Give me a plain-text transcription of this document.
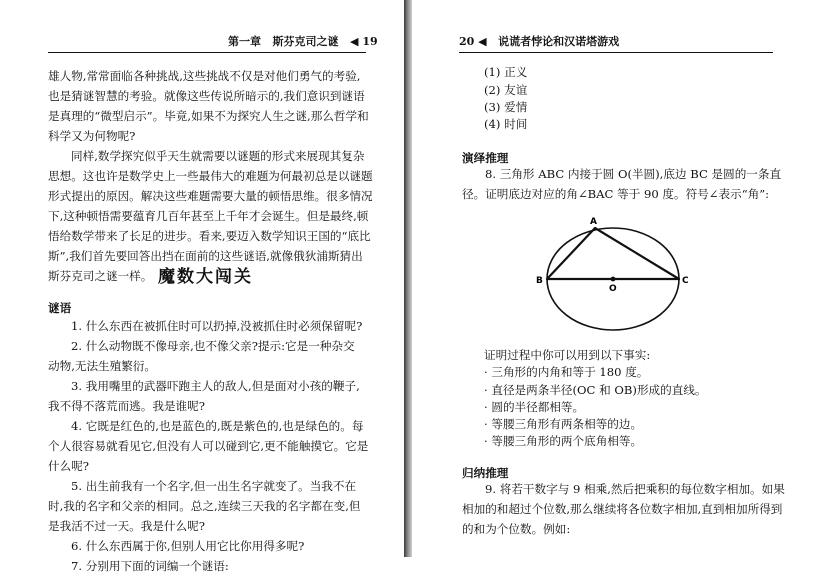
第一章 斯芬克司之谜 ◀ 19

雄人物,常常面临各种挑战,这些挑战不仅是对他们勇气的考验,
也是猜谜智慧的考验。就像这些传说所暗示的,我们意识到谜语
是真理的“微型启示”。毕竟,如果不为探究人生之谜,那么哲学和
科学又为何物呢?

同样,数学探究似乎天生就需要以谜题的形式来展现其复杂
思想。这也许是数学史上一些最伟大的难题为何最初总是以谜题
形式提出的原因。解决这些难题需要大量的顿悟思维。很多情况
下,这种顿悟需要蕴育几百年甚至上千年才会诞生。但是最终,顿
悟给数学带来了长足的进步。看来,要迈入数学知识王国的“底比
斯”,我们首先要回答出挡在面前的这些谜语,就像俄狄浦斯猜出
斯芬克司之谜一样。 魔数大闯关
谜语

1. 什么东西在被抓住时可以扔掉,没被抓住时必须保留呢?
2. 什么动物既不像母亲,也不像父亲?提示:它是一种杂交
动物,无法生殖繁衍。
3. 我用嘴里的武器吓跑主人的敌人,但是面对小孩的鞭子,
我不得不落荒而逃。我是谁呢?
4. 它既是红色的,也是蓝色的,既是紫色的,也是绿色的。每
个人很容易就看见它,但没有人可以碰到它,更不能触摸它。它是
什么呢?
5. 出生前我有一个名字,但一出生名字就变了。当我不在
时,我的名字和父亲的相同。总之,连续三天我的名字都在变,但
是我活不过一天。我是什么呢?
6. 什么东西属于你,但别人用它比你用得多呢?
7. 分别用下面的词编一个谜语:

20 ◀ 说谎者悖论和汉诺塔游戏
(1) 正义
(2) 友谊
(3) 爱情
(4) 时间
演绎推理

8. 三角形 ABC 内接于圆 O(半圆),底边 BC 是圆的一条直
径。证明底边对应的角∠BAC 等于 90 度。符号∠表示“角”:

A
B	C
O
证明过程中你可以用到以下事实:
· 三角形的内角和等于 180 度。
· 直径是两条半径(OC 和 OB)形成的直线。
· 圆的半径都相等。
· 等腰三角形有两条相等的边。
· 等腰三角形的两个底角相等。
归纳推理

9. 将若干数字与 9 相乘,然后把乘积的每位数字相加。如果
相加的和超过个位数,那么继续将各位数字相加,直到相加所得到
的和为个位数。例如:
